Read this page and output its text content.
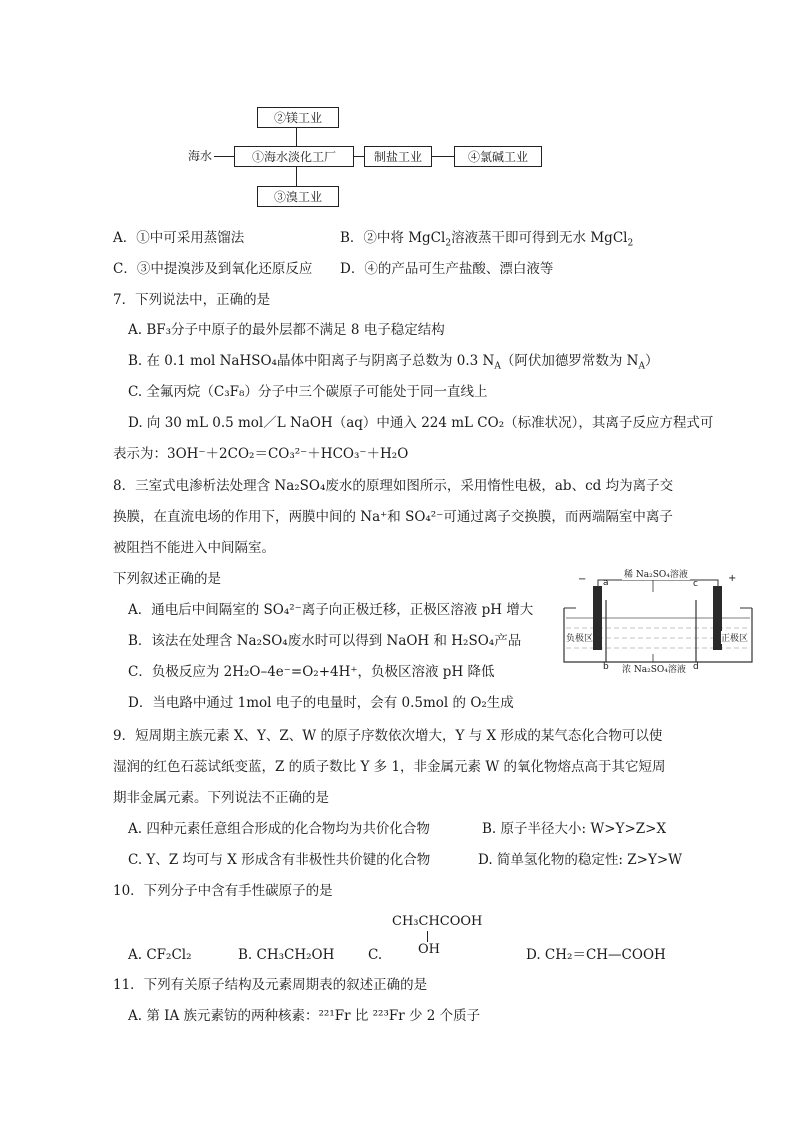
海水	①海水淡化工厂
②镁工业
③溴工业
制盐工业	④氯碱工业
A．①中可采用蒸馏法	B．②中将 MgCl$_2$溶液蒸干即可得到无水 MgCl$_2$
C．③中提溴涉及到氧化还原反应 D．④的产品可生产盐酸、漂白液等
7．下列说法中，正确的是
A. BF₃分子中原子的最外层都不满足 8 电子稳定结构
B. 在 0.1 mol NaHSO₄晶体中阳离子与阴离子总数为 0.3 $N_A$（阿伏加德罗常数为 $N_A$）
C. 全氟丙烷（C₃F₈）分子中三个碳原子可能处于同一直线上
D. 向 30 mL 0.5 mol／L NaOH（aq）中通入 224 mL CO₂（标准状况），其离子反应方程式可
表示为：3OH⁻＋2CO₂＝CO₃²⁻＋HCO₃⁻＋H₂O
8．三室式电渗析法处理含 Na₂SO₄废水的原理如图所示，采用惰性电极，ab、cd 均为离子交
换膜，在直流电场的作用下，两膜中间的 Na⁺和 SO₄²⁻可通过离子交换膜，而两端隔室中离子
被阻挡不能进入中间隔室。
下列叙述正确的是
A．通电后中间隔室的 SO₄²⁻离子向正极迁移，正极区溶液 pH 增大
B．该法在处理含 Na₂SO₄废水时可以得到 NaOH 和 H₂SO₄产品
C．负极反应为 2H₂O–4e⁻=O₂+4H⁺，负极区溶液 pH 降低
D．当电路中通过 1mol 电子的电量时，会有 0.5mol 的 O₂生成
−	+
稀 Na₂SO₄溶液
a	c
b	d
负极区	正极区
浓 Na₂SO₄溶液
9．短周期主族元素 X、Y、Z、W 的原子序数依次增大，Y 与 X 形成的某气态化合物可以使
湿润的红色石蕊试纸变蓝，Z 的质子数比 Y 多 1，非金属元素 W 的氧化物熔点高于其它短周
期非金属元素。下列说法不正确的是
A. 四种元素任意组合形成的化合物均为共价化合物	B. 原子半径大小: W>Y>Z>X
C. Y、Z 均可与 X 形成含有非极性共价键的化合物	D. 简单氢化物的稳定性: Z>Y>W
10．下列分子中含有手性碳原子的是
A. CF₂Cl₂	B. CH₃CH₂OH C.
CH₃CHCOOH
OH	D. CH₂＝CH—COOH
11．下列有关原子结构及元素周期表的叙述正确的是
A. 第 IA 族元素钫的两种核素：²²¹Fr 比 ²²³Fr 少 2 个质子
